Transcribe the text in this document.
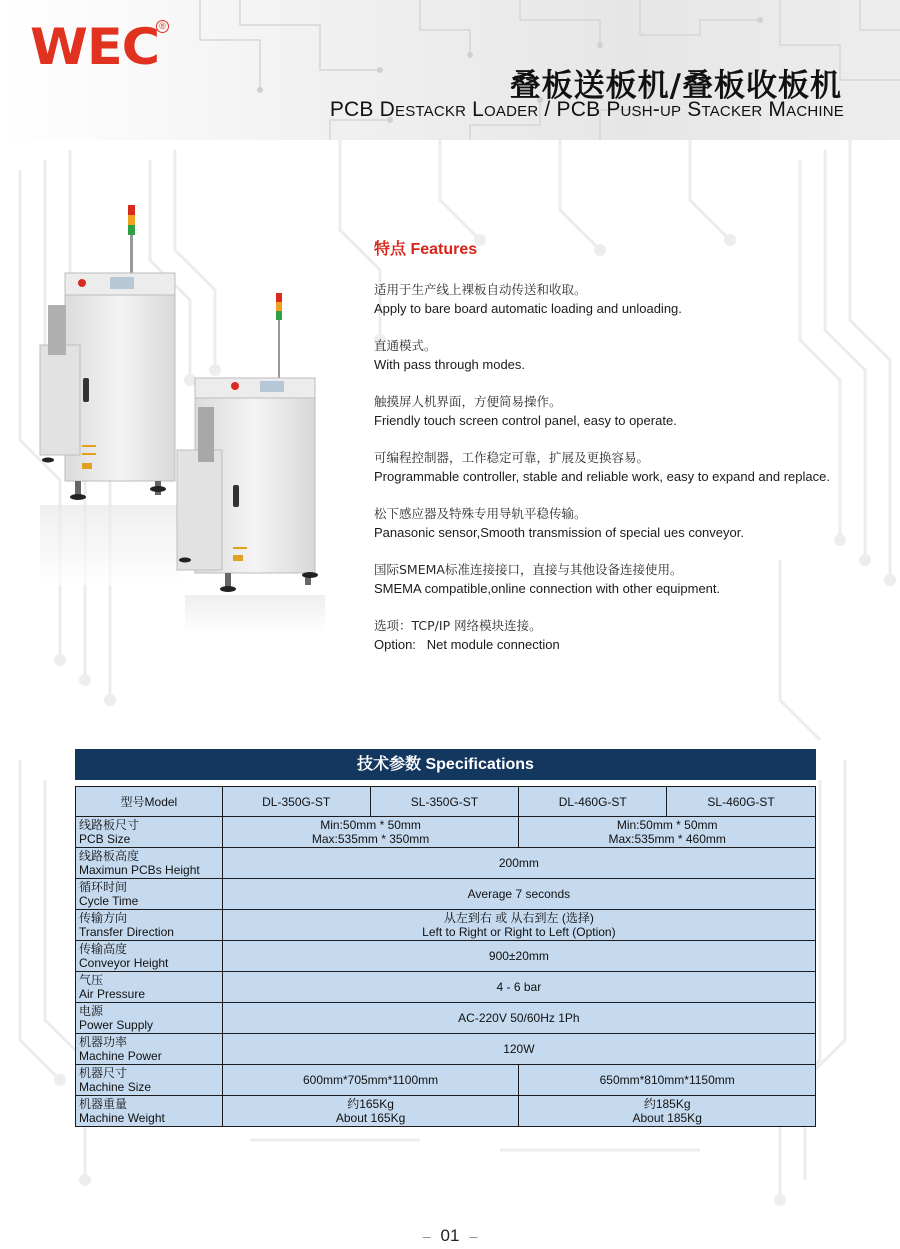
WEC ®
叠板送板机/叠板收板机
PCB Destackr Loader / PCB Push-up Stacker Machine
特点 Features
适用于生产线上裸板自动传送和收取。
Apply to bare board automatic loading and unloading.
直通模式。
With pass through modes.
触摸屏人机界面，方便简易操作。
Friendly touch screen control panel, easy to operate.
可编程控制器，工作稳定可靠，扩展及更换容易。
Programmable controller, stable and reliable work, easy to expand and replace.
松下感应器及特殊专用导轨平稳传输。
Panasonic sensor,Smooth transmission of special ues conveyor.
国际SMEMA标准连接接口，直接与其他设备连接使用。
SMEMA compatible,online connection with other equipment.
选项：TCP/IP 网络模块连接。
Option:   Net module connection
技术参数 Specifications
型号Model	DL-350G-ST	SL-350G-ST	DL-460G-ST	SL-460G-ST

线路板尺寸
PCB Size	Min:50mm * 50mm
Max:535mm * 350mm		Min:50mm * 50mm
Max:535mm * 460mm	

线路板高度
Maximun PCBs Height	200mm			

循环时间
Cycle Time	Average 7 seconds			

传输方向
Transfer Direction	从左到右 或 从右到左 (选择)
Left to Right or Right to Left (Option)			

传输高度
Conveyor Height	900±20mm			

气压
Air Pressure	4 - 6 bar			

电源
Power Supply	AC-220V 50/60Hz 1Ph			

机器功率
Machine Power	120W			

机器尺寸
Machine Size	600mm*705mm*1100mm		650mm*810mm*1150mm	

机器重量
Machine Weight	约165Kg
About 165Kg		约185Kg
About 185Kg	
– 01 –
